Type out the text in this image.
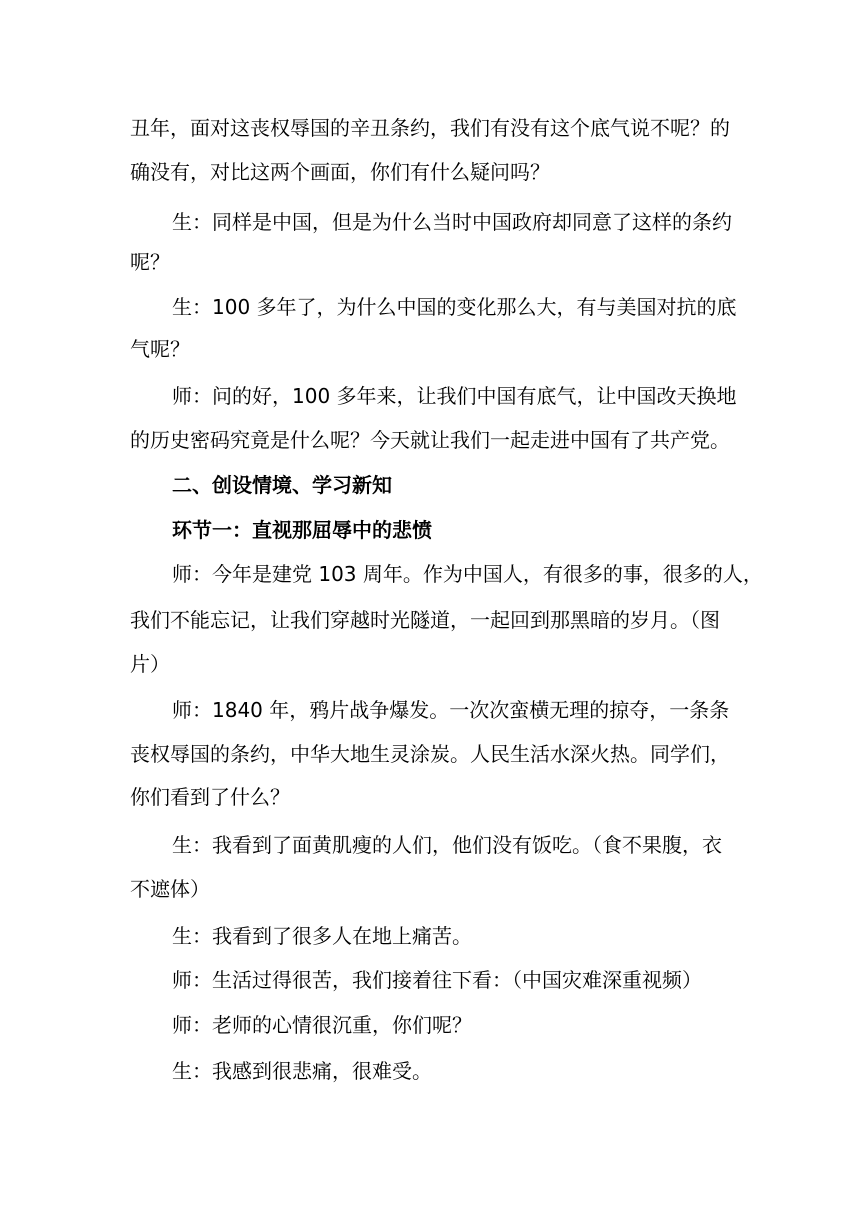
丑年，面对这丧权辱国的辛丑条约，我们有没有这个底气说不呢？的
确没有，对比这两个画面，你们有什么疑问吗？
生：同样是中国，但是为什么当时中国政府却同意了这样的条约
呢？
生：100 多年了，为什么中国的变化那么大，有与美国对抗的底
气呢？
师：问的好，100 多年来，让我们中国有底气，让中国改天换地
的历史密码究竟是什么呢？今天就让我们一起走进中国有了共产党。
二、创设情境、学习新知
环节一：直视那屈辱中的悲愤
师：今年是建党 103 周年。作为中国人，有很多的事，很多的人，
我们不能忘记，让我们穿越时光隧道，一起回到那黑暗的岁月。（图
片）
师：1840 年，鸦片战争爆发。一次次蛮横无理的掠夺，一条条
丧权辱国的条约，中华大地生灵涂炭。人民生活水深火热。同学们，
你们看到了什么？
生：我看到了面黄肌瘦的人们，他们没有饭吃。（食不果腹，衣
不遮体）
生：我看到了很多人在地上痛苦。
师：生活过得很苦，我们接着往下看：（中国灾难深重视频）
师：老师的心情很沉重，你们呢？
生：我感到很悲痛，很难受。
